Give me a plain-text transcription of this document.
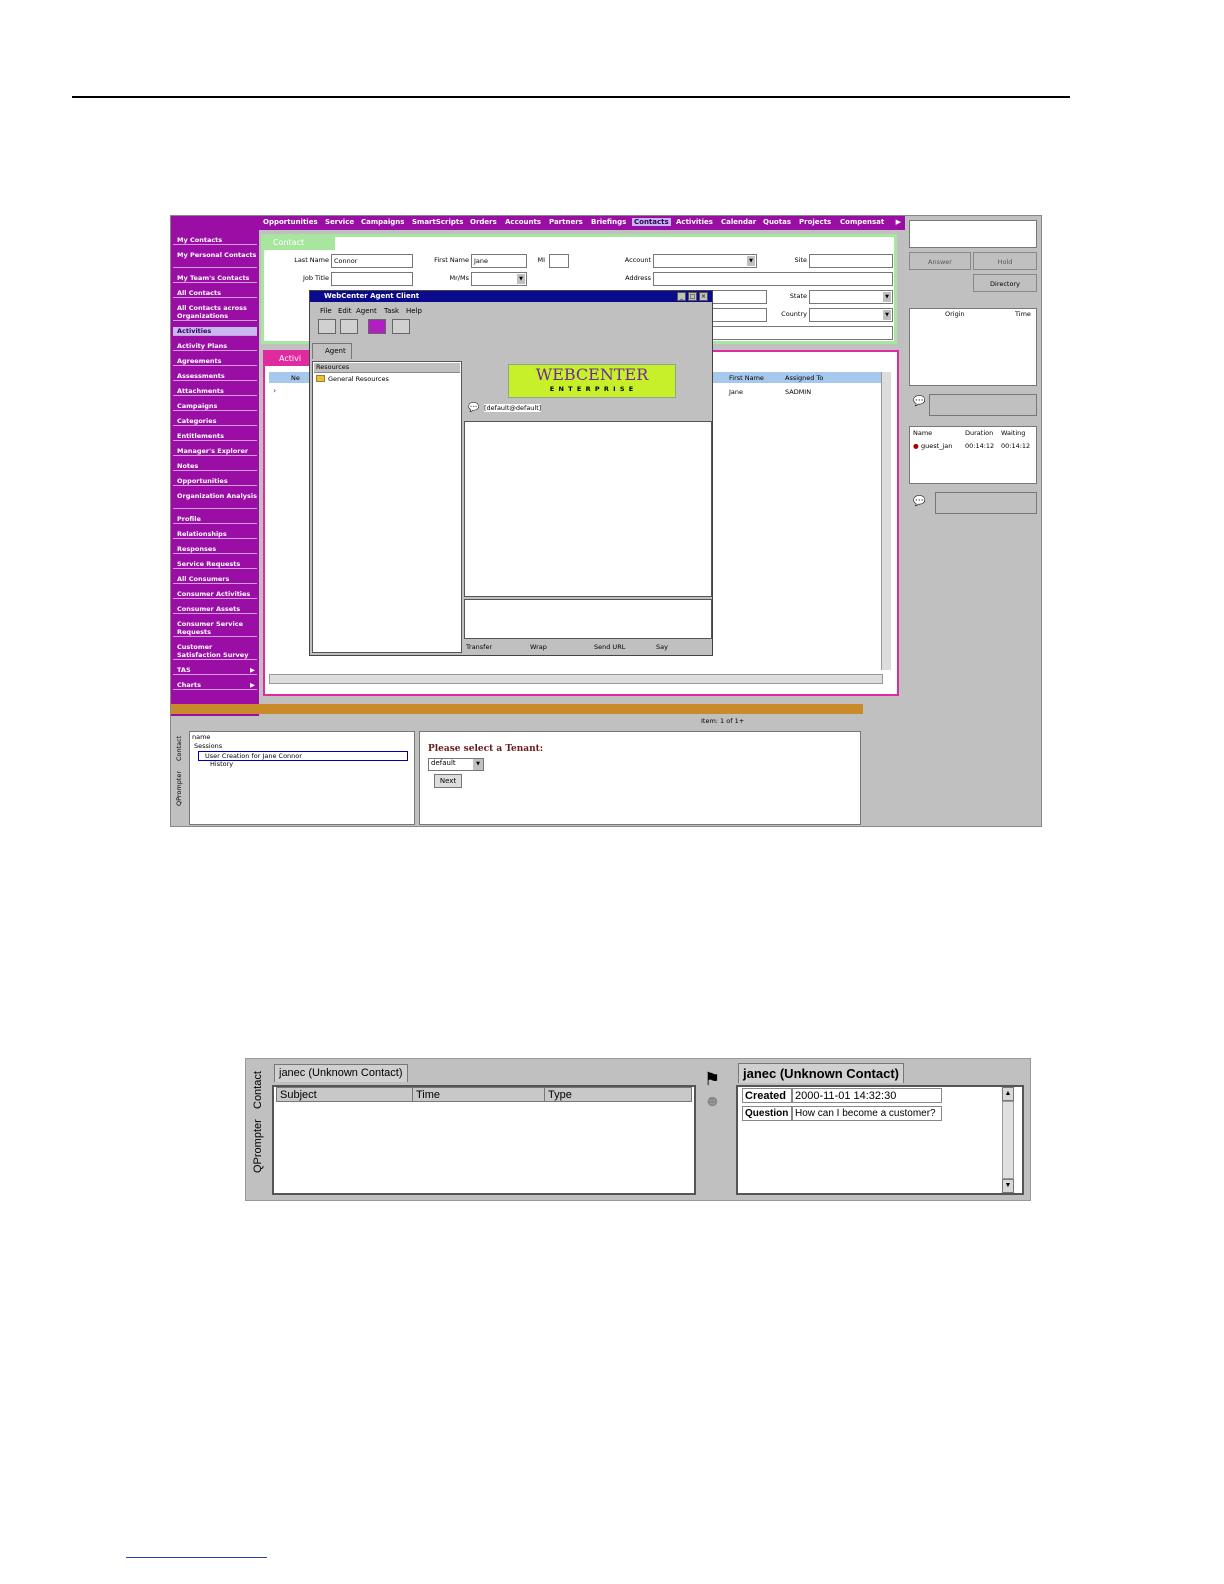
Opportunities Service Campaigns SmartScripts Orders Accounts Partners Briefings Contacts Activities Calendar Quotas Projects Compensat ▶
My Contacts
My Personal Contacts
My Team's Contacts
All Contacts
All Contacts across Organizations
Activities
Activity Plans
Agreements
Assessments
Attachments
Campaigns
Categories
Entitlements
Manager's Explorer
Notes
Opportunities
Organization Analysis
Profile
Relationships
Responses
Service Requests
All Consumers
Consumer Activities
Consumer Assets
Consumer Service Requests
Customer Satisfaction Survey
TAS	▶
Charts	▶
Contact
Last Name Connor	First Name Jane	MI	Account ▼	Site
Job Title	Mr/Ms ▼	Address
State
▼
Country
▼
Activi
Ne	First Name	Assigned To
›	Jane	SADMIN
Item: 1 of 1+
Answer	Hold
Directory
Origin	Time
💬
Name	Duration Waiting
● guest_jan 00:14:12 00:14:12
💬
WebCenter Agent Client	_	□ ×
File Edit Agent Task Help
Agent
Resources
General Resources	WEBCENTER
E N T E R P R I S E
💬 [default@default]
Transfer	Wrap	Send URL	Say
Contact
QPrompter
name
Sessions
User Creation for Jane Connor
History
Please select a Tenant:
default	▼
Next
Contact
QPrompter
janec (Unknown Contact)
Subject	Time	Type
⚑
☻
janec (Unknown Contact)
Created 2000-11-01 14:32:30
Question How can I become a customer?
▲
▼
